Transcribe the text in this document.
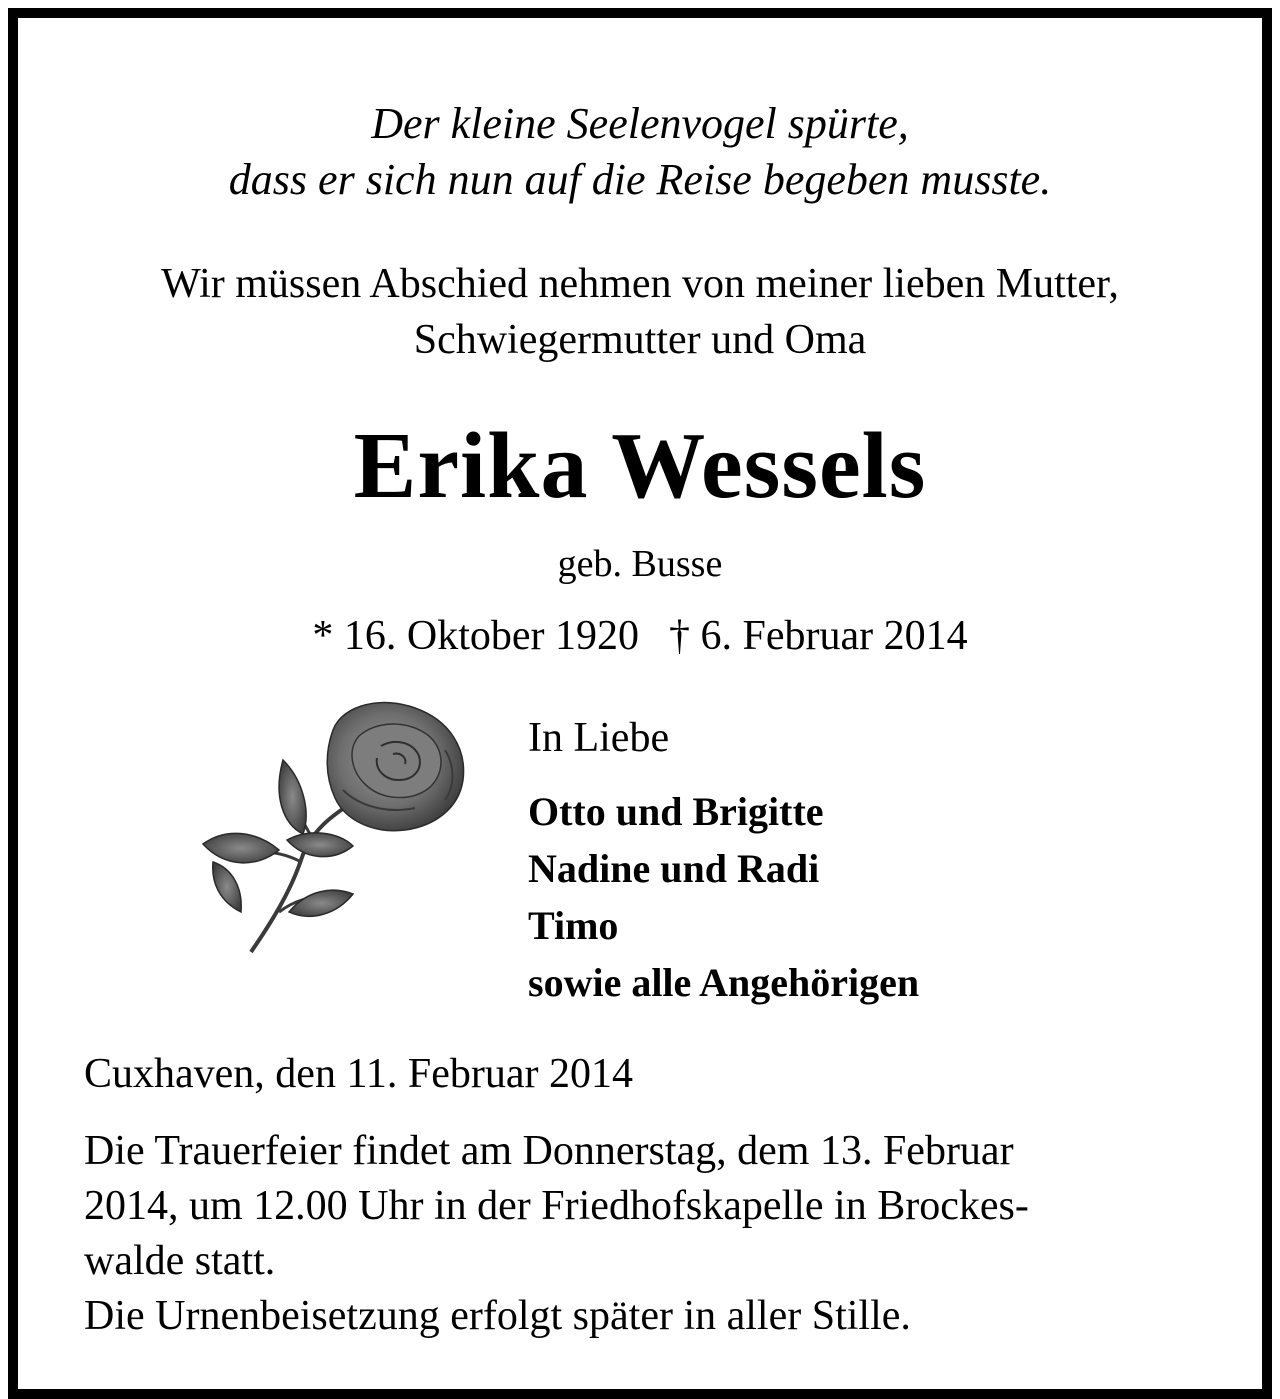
Der kleine Seelenvogel spürte,
dass er sich nun auf die Reise begeben musste.
Wir müssen Abschied nehmen von meiner lieben Mutter,
Schwiegermutter und Oma
Erika Wessels
geb. Busse
* 16. Oktober 1920 † 6. Februar 2014
In Liebe
Otto und Brigitte
Nadine und Radi
Timo
sowie alle Angehörigen
Cuxhaven, den 11. Februar 2014
Die Trauerfeier findet am Donnerstag, dem 13. Februar
2014, um 12.00 Uhr in der Friedhofskapelle in Brockes-
walde statt.
Die Urnenbeisetzung erfolgt später in aller Stille.
